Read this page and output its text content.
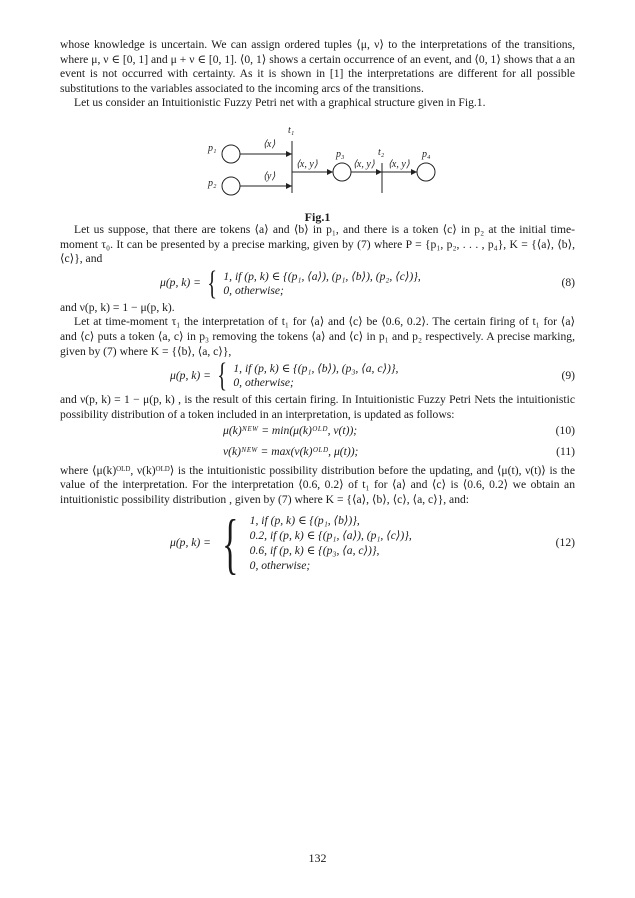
whose knowledge is uncertain. We can assign ordered tuples ⟨μ, ν⟩ to the interpretations of the transitions, where μ, ν ∈ [0, 1] and μ + ν ∈ [0, 1]. ⟨0, 1⟩ shows a certain occurrence of an event, and ⟨0, 1⟩ shows that a an event is not occurred with certainty. As it is shown in [1] the interpretations are different for all possible substitutions to the variables associated to the incoming arcs of the transitions.

Let us consider an Intuitionistic Fuzzy Petri net with a graphical structure given in Fig.1.

t₁
t₂
p₁
p₂
p₃	p₄
⟨x⟩
⟨y⟩
⟨x, y⟩	⟨x, y⟩ ⟨x, y⟩
Fig.1

Let us suppose, that there are tokens ⟨a⟩ and ⟨b⟩ in p₁, and there is a token ⟨c⟩ in p₂ at the initial time-moment τ₀. It can be presented by a precise marking, given by (7) where P = {p₁, p₂, . . . , p₄}, K = {⟨a⟩, ⟨b⟩, ⟨c⟩}, and

μ(p, k) = { 1, if (p, k) ∈ {(p₁, ⟨a⟩), (p₁, ⟨b⟩), (p₂, ⟨c⟩)},
0, otherwise;
(8)

and ν(p, k) = 1 − μ(p, k).

Let at time-moment τ₁ the interpretation of t₁ for ⟨a⟩ and ⟨c⟩ be ⟨0.6, 0.2⟩. The certain firing of t₁ for ⟨a⟩ and ⟨c⟩ puts a token ⟨a, c⟩ in p₃ removing the tokens ⟨a⟩ and ⟨c⟩ in p₁ and p₂ respectively. A precise marking, given by (7) where K = {⟨b⟩, ⟨a, c⟩},

μ(p, k) = { 1, if (p, k) ∈ {(p₁, ⟨b⟩), (p₃, ⟨a, c⟩)},
0, otherwise;
(9)

and ν(p, k) = 1 − μ(p, k) , is the result of this certain firing. In Intuitionistic Fuzzy Petri Nets the intuitionistic possibility distribution of a token included in an interpretation, is updated as follows:

μ(k)ᴺᴱᵂ = min(μ(k)ᴼᴸᴰ, ν(t));	(10)
ν(k)ᴺᴱᵂ = max(ν(k)ᴼᴸᴰ, μ(t));	(11)

where ⟨μ(k)ᴼᴸᴰ, ν(k)ᴼᴸᴰ⟩ is the intuitionistic possibility distribution before the updating, and ⟨μ(t), ν(t)⟩ is the value of the interpretation. For the interpretation ⟨0.6, 0.2⟩ of t₁ for ⟨a⟩ and ⟨c⟩ is ⟨0.6, 0.2⟩ we obtain an intuitionistic possibility distribution , given by (7) where K = {⟨a⟩, ⟨b⟩, ⟨c⟩, ⟨a, c⟩}, and:

μ(p, k) = { 1, if (p, k) ∈ {(p₁, ⟨b⟩)},
0.2, if (p, k) ∈ {(p₁, ⟨a⟩), (p₁, ⟨c⟩)},
0.6, if (p, k) ∈ {(p₃, ⟨a, c⟩)},
0, otherwise;
(12)
132
